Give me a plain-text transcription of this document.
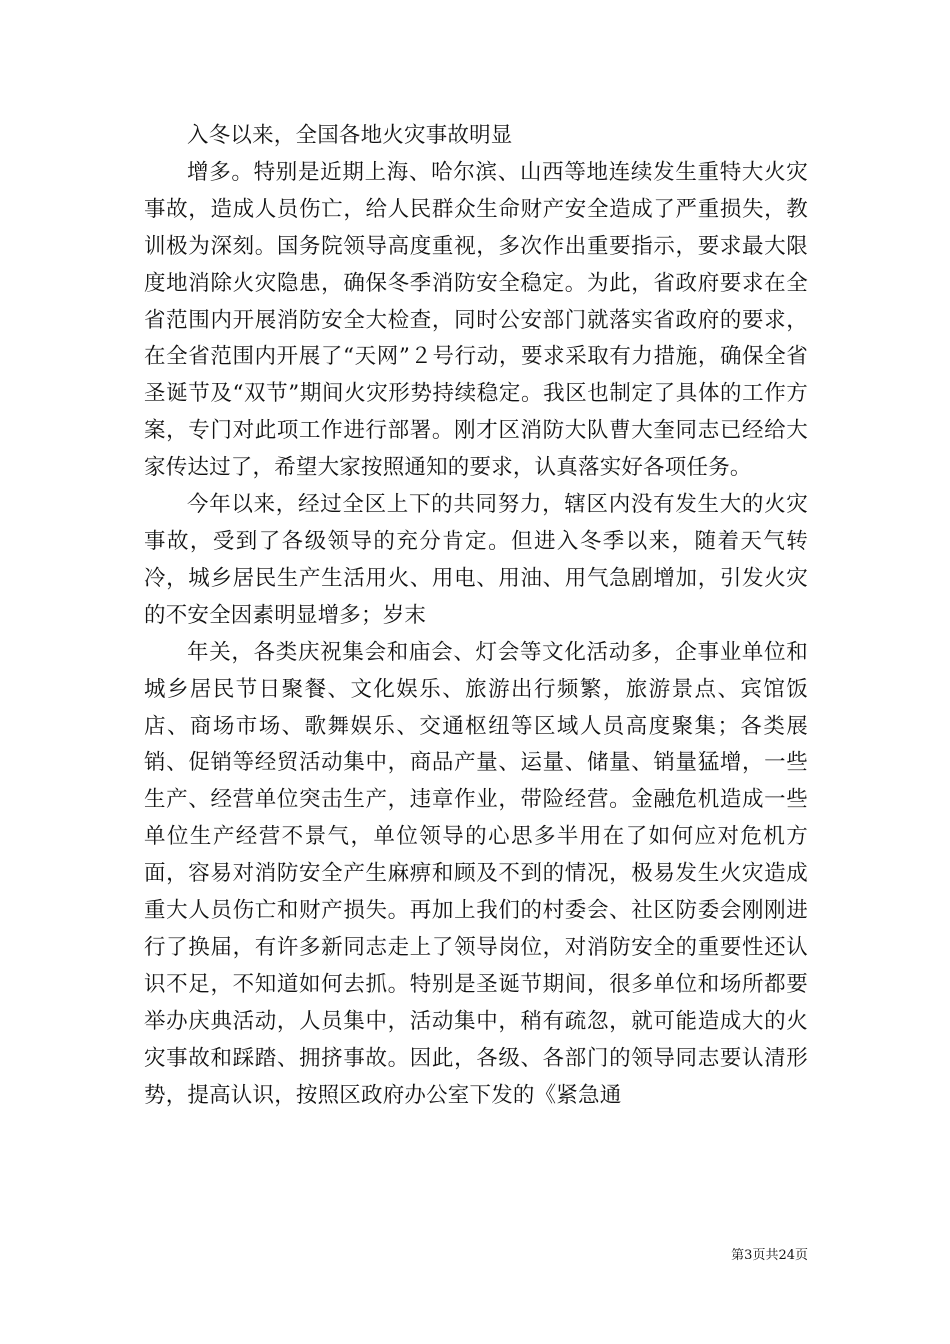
入冬以来，全国各地火灾事故明显

增多。特别是近期上海、哈尔滨、山西等地连续发生重特大火灾事故，造成人员伤亡，给人民群众生命财产安全造成了严重损失，教训极为深刻。国务院领导高度重视，多次作出重要指示，要求最大限度地消除火灾隐患，确保冬季消防安全稳定。为此，省政府要求在全省范围内开展消防安全大检查，同时公安部门就落实省政府的要求，在全省范围内开展了“天网”２号行动，要求采取有力措施，确保全省圣诞节及“双节”期间火灾形势持续稳定。我区也制定了具体的工作方案，专门对此项工作进行部署。刚才区消防大队曹大奎同志已经给大家传达过了，希望大家按照通知的要求，认真落实好各项任务。

今年以来，经过全区上下的共同努力，辖区内没有发生大的火灾事故，受到了各级领导的充分肯定。但进入冬季以来，随着天气转冷，城乡居民生产生活用火、用电、用油、用气急剧增加，引发火灾的不安全因素明显增多；岁末

年关，各类庆祝集会和庙会、灯会等文化活动多，企事业单位和城乡居民节日聚餐、文化娱乐、旅游出行频繁，旅游景点、宾馆饭店、商场市场、歌舞娱乐、交通枢纽等区域人员高度聚集；各类展销、促销等经贸活动集中，商品产量、运量、储量、销量猛增，一些生产、经营单位突击生产，违章作业，带险经营。金融危机造成一些单位生产经营不景气，单位领导的心思多半用在了如何应对危机方面，容易对消防安全产生麻痹和顾及不到的情况，极易发生火灾造成重大人员伤亡和财产损失。再加上我们的村委会、社区防委会刚刚进行了换届，有许多新同志走上了领导岗位，对消防安全的重要性还认识不足，不知道如何去抓。特别是圣诞节期间，很多单位和场所都要举办庆典活动，人员集中，活动集中，稍有疏忽，就可能造成大的火灾事故和踩踏、拥挤事故。因此，各级、各部门的领导同志要认清形势，提高认识，按照区政府办公室下发的《紧急通

第3页共24页
